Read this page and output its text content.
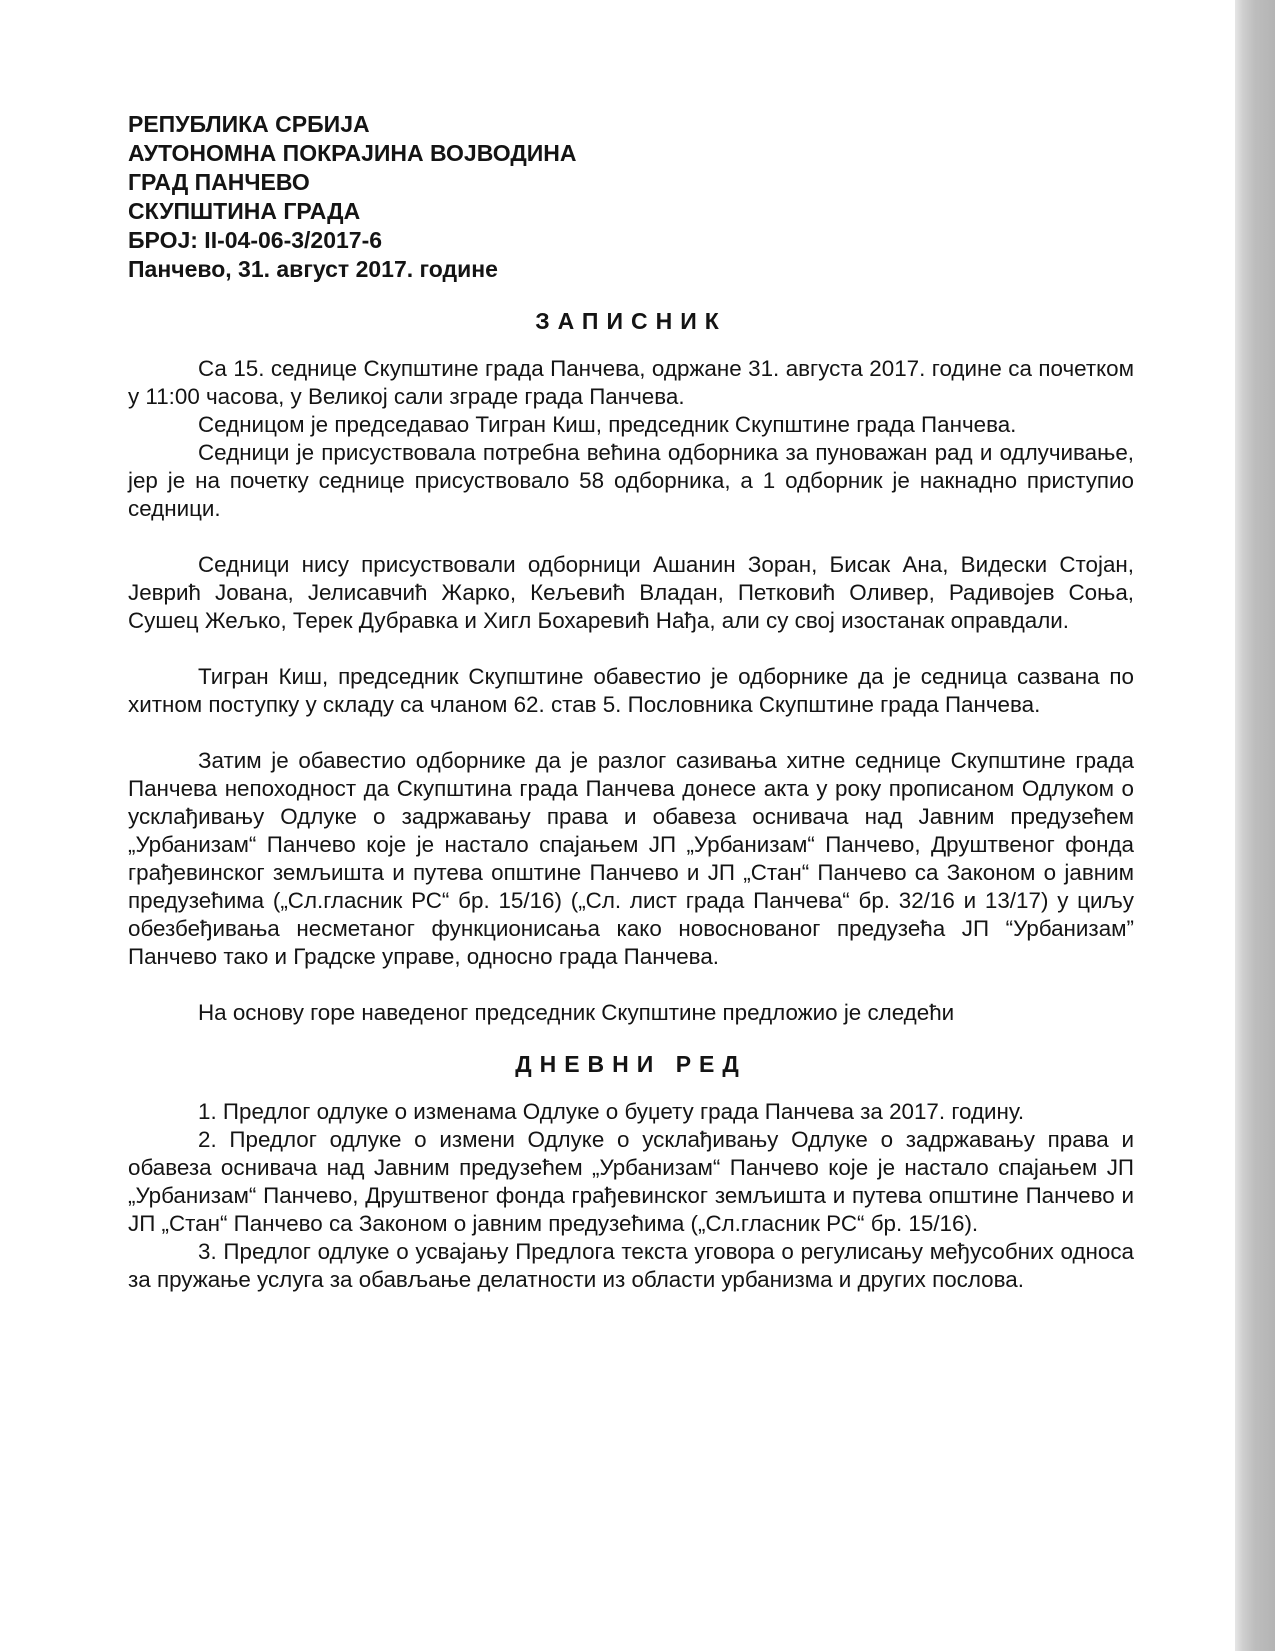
РЕПУБЛИКА СРБИЈА
АУТОНОМНА ПОКРАЈИНА ВОЈВОДИНА
ГРАД ПАНЧЕВО
СКУПШТИНА ГРАДА
БРОЈ: II-04-06-3/2017-6
Панчево, 31. август 2017. године
ЗАПИСНИК

Са 15. седнице Скупштине града Панчева, одржане 31. августа 2017. године са почетком у 11:00 часова, у Великој сали зграде града Панчева.

Седницом је председавао Тигран Киш, председник Скупштине града Панчева.

Седници је присуствовала потребна већина одборника за пуноважан рад и одлучивање, јер је на почетку седнице присуствовало 58 одборника, а 1 одборник је накнадно приступио седници.

Седници нису присуствовали одборници Ашанин Зоран, Бисак Ана, Видески Стојан, Јеврић Јована, Јелисавчић Жарко, Кељевић Владан, Петковић Оливер, Радивојев Соња, Сушец Жељко, Терек Дубравка и Хигл Бохаревић Нађа, али су свој изостанак оправдали.

Тигран Киш, председник Скупштине обавестио је одборнике да је седница сазвана по хитном поступку у складу са чланом 62. став 5. Пословника Скупштине града Панчева.

Затим је обавестио одборнике да је разлог сазивања хитне седнице Скупштине града Панчева непоходност да Скупштина града Панчева донесе акта у року прописаном Одлуком о усклађивању Одлуке о задржавању права и обавеза оснивача над Јавним предузећем „Урбанизам“ Панчево које је настало спајањем ЈП „Урбанизам“ Панчево, Друштвеног фонда грађевинског земљишта и путева општине Панчево и ЈП „Стан“ Панчево са Законом о јавним предузећима („Сл.гласник РС“ бр. 15/16) („Сл. лист града Панчева“ бр. 32/16 и 13/17) у циљу обезбеђивања несметаног функционисања како новоснованог предузећа ЈП “Урбанизам” Панчево тако и Градске управе, односно града Панчева.

На основу горе наведеног председник Скупштине предложио је следећи

ДНЕВНИ РЕД

1. Предлог одлуке о изменама Одлуке о буџету града Панчева за 2017. годину.

2. Предлог одлуке о измени Одлуке о усклађивању Одлуке о задржавању права и обавеза оснивача над Јавним предузећем „Урбанизам“ Панчево које је настало спајањем ЈП „Урбанизам“ Панчево, Друштвеног фонда грађевинског земљишта и путева општине Панчево и ЈП „Стан“ Панчево са Законом о јавним предузећима („Сл.гласник РС“ бр. 15/16).

3. Предлог одлуке о усвајању Предлога текста уговора о регулисању међусобних односа за пружање услуга за обављање делатности из области урбанизма и других послова.
